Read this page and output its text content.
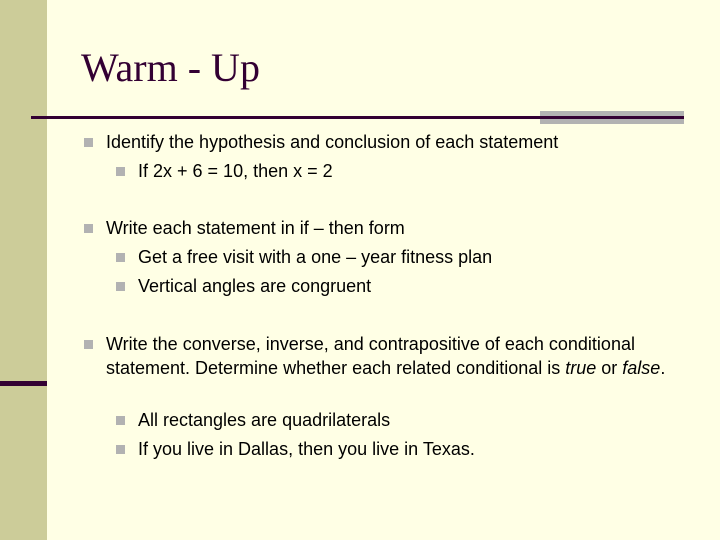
Warm - Up
Identify the hypothesis and conclusion of each statement
If 2x + 6 = 10, then x = 2
Write each statement in if – then form
Get a free visit with a one – year fitness plan
Vertical angles are congruent
Write the converse, inverse, and contrapositive of each conditional statement. Determine whether each related conditional is true or false.
All rectangles are quadrilaterals
If you live in Dallas, then you live in Texas.
